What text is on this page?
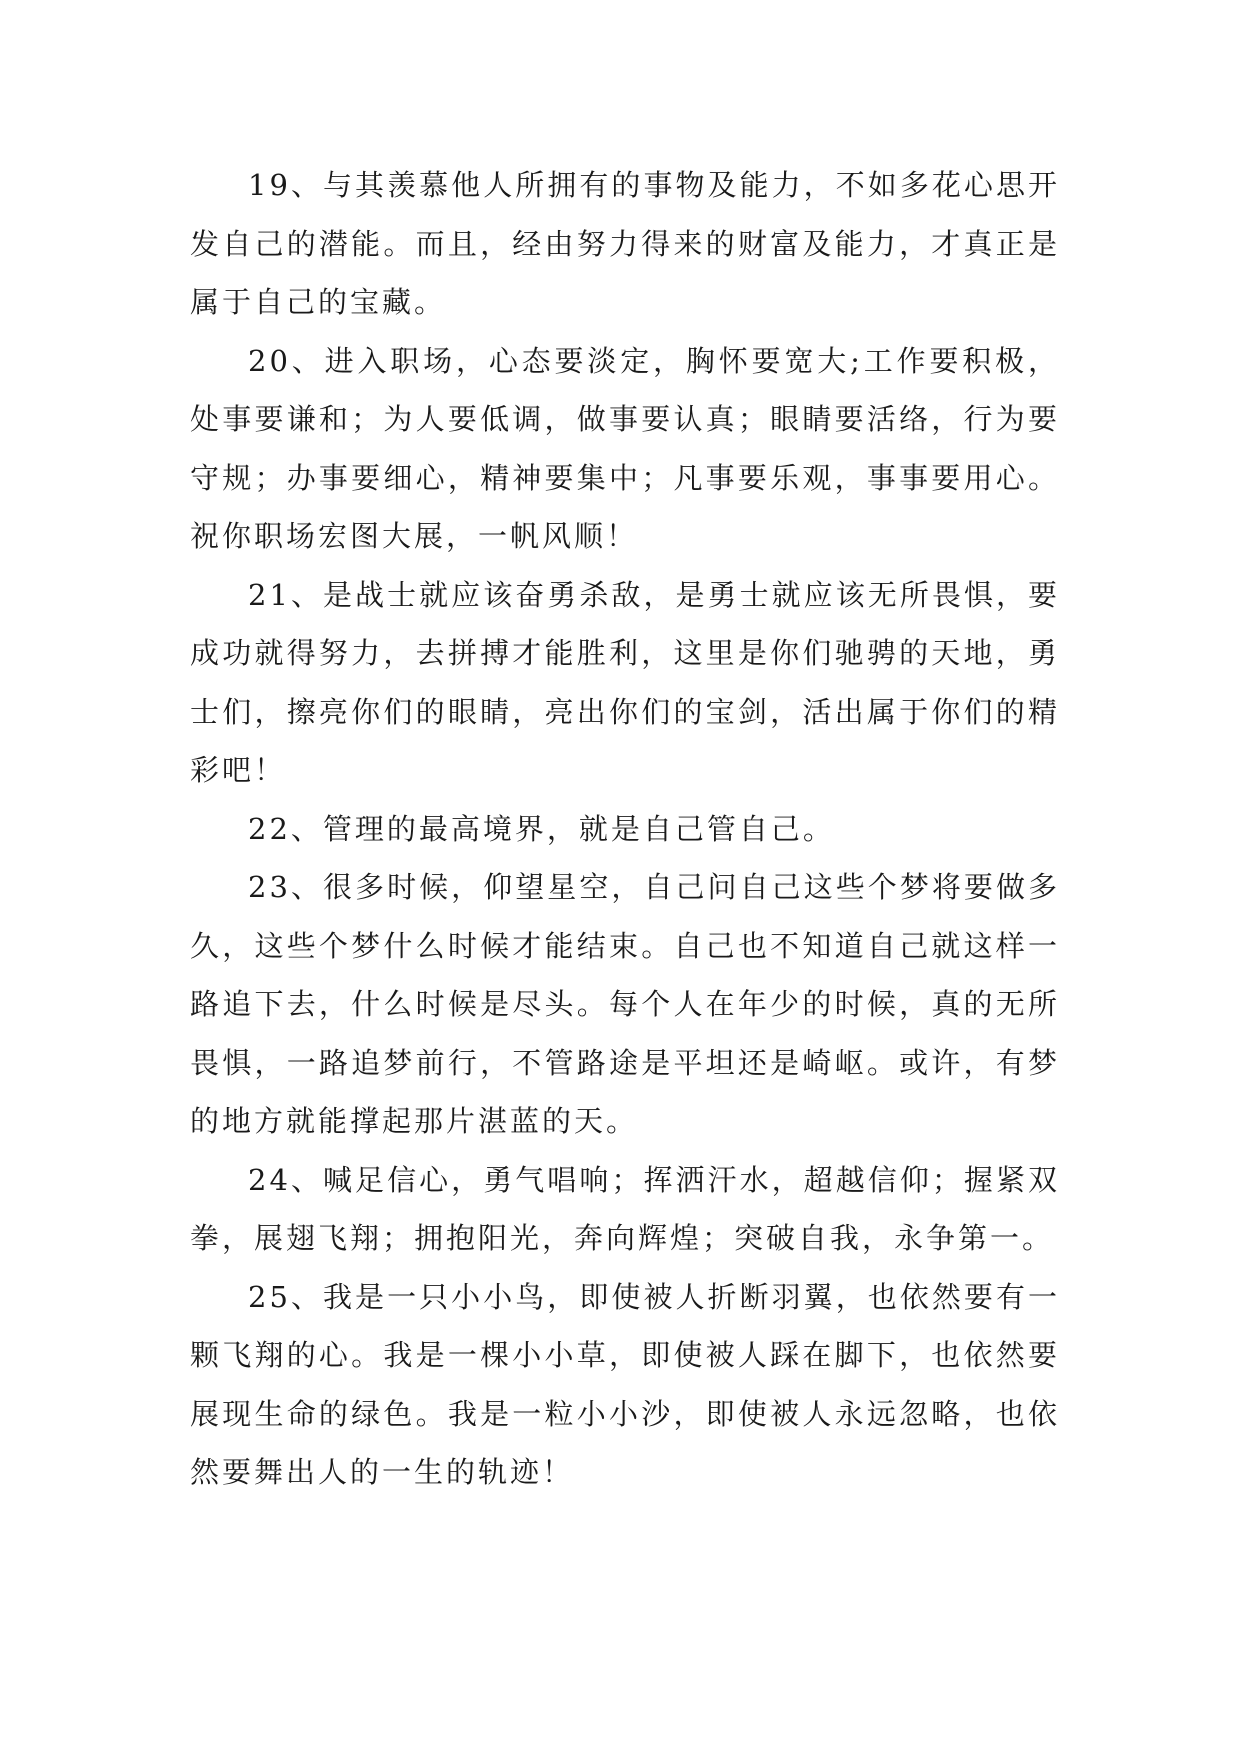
19、与其羡慕他人所拥有的事物及能力，不如多花心思开发自己的潜能。而且，经由努力得来的财富及能力，才真正是属于自己的宝藏。

20、进入职场，心态要淡定，胸怀要宽大;工作要积极，处事要谦和；为人要低调，做事要认真；眼睛要活络，行为要守规；办事要细心，精神要集中；凡事要乐观，事事要用心。祝你职场宏图大展，一帆风顺！

21、是战士就应该奋勇杀敌，是勇士就应该无所畏惧，要成功就得努力，去拼搏才能胜利，这里是你们驰骋的天地，勇士们，擦亮你们的眼睛，亮出你们的宝剑，活出属于你们的精彩吧！

22、管理的最高境界，就是自己管自己。

23、很多时候，仰望星空，自己问自己这些个梦将要做多久，这些个梦什么时候才能结束。自己也不知道自己就这样一路追下去，什么时候是尽头。每个人在年少的时候，真的无所畏惧，一路追梦前行，不管路途是平坦还是崎岖。或许，有梦的地方就能撑起那片湛蓝的天。

24、喊足信心，勇气唱响；挥洒汗水，超越信仰；握紧双拳，展翅飞翔；拥抱阳光，奔向辉煌；突破自我，永争第一。

25、我是一只小小鸟，即使被人折断羽翼，也依然要有一颗飞翔的心。我是一棵小小草，即使被人踩在脚下，也依然要展现生命的绿色。我是一粒小小沙，即使被人永远忽略，也依然要舞出人的一生的轨迹！
